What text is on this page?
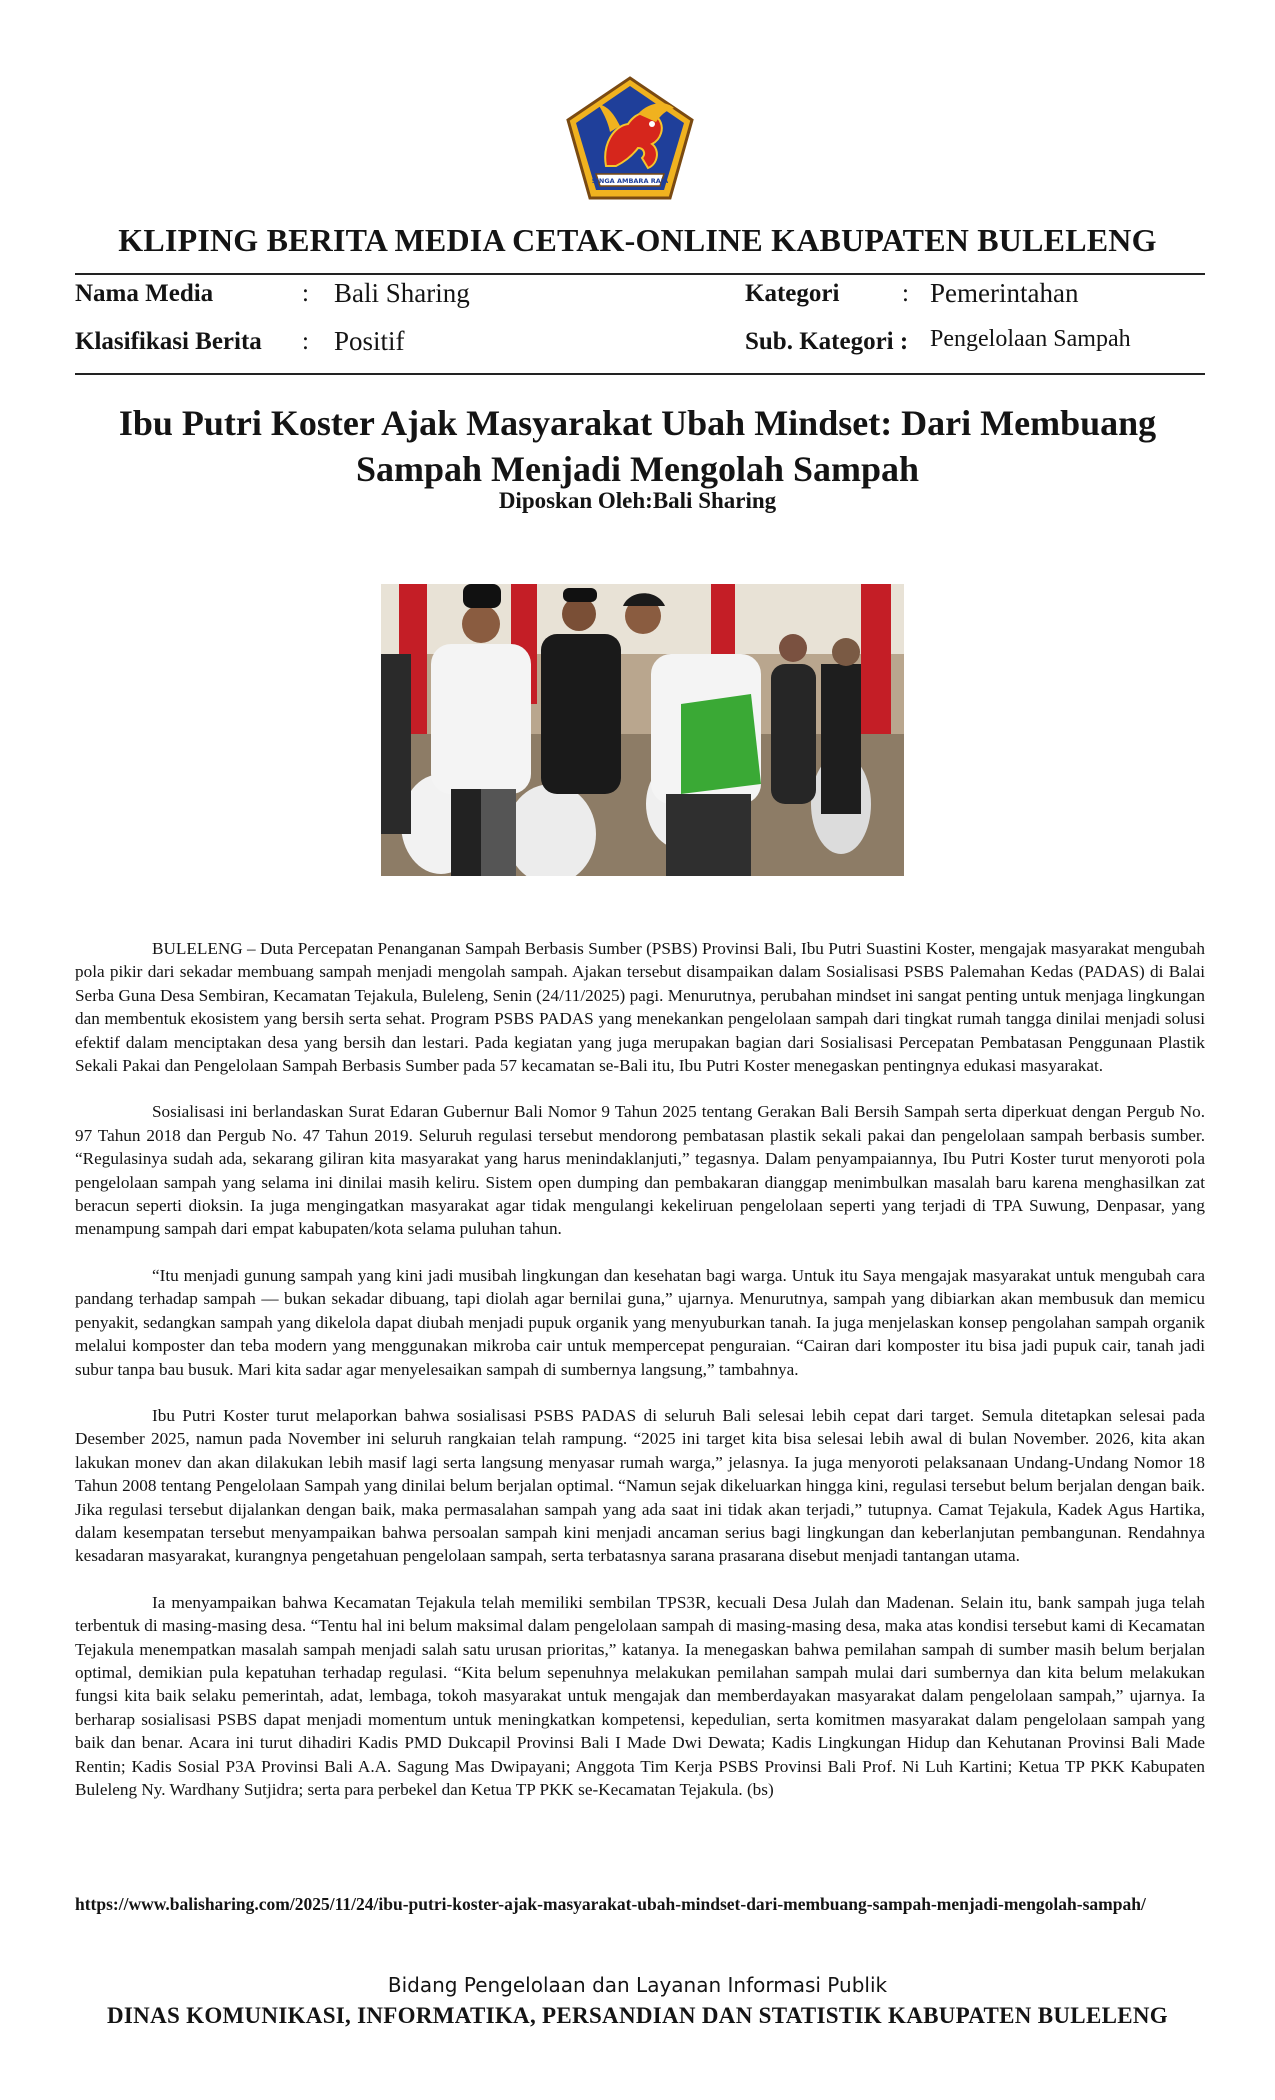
SINGA AMBARA RAJA
KLIPING BERITA MEDIA CETAK-ONLINE KABUPATEN BULELENG
Nama Media	: Bali Sharing
Klasifikasi Berita : Positif
Kategori	: Pemerintahan
Sub. Kategori : Pengelolaan Sampah
Ibu Putri Koster Ajak Masyarakat Ubah Mindset: Dari Membuang Sampah Menjadi Mengolah Sampah
Diposkan Oleh:Bali Sharing

BULELENG – Duta Percepatan Penanganan Sampah Berbasis Sumber (PSBS) Provinsi Bali, Ibu Putri Suastini Koster, mengajak masyarakat mengubah pola pikir dari sekadar membuang sampah menjadi mengolah sampah. Ajakan tersebut disampaikan dalam Sosialisasi PSBS Palemahan Kedas (PADAS) di Balai Serba Guna Desa Sembiran, Kecamatan Tejakula, Buleleng, Senin (24/11/2025) pagi. Menurutnya, perubahan mindset ini sangat penting untuk menjaga lingkungan dan membentuk ekosistem yang bersih serta sehat. Program PSBS PADAS yang menekankan pengelolaan sampah dari tingkat rumah tangga dinilai menjadi solusi efektif dalam menciptakan desa yang bersih dan lestari. Pada kegiatan yang juga merupakan bagian dari Sosialisasi Percepatan Pembatasan Penggunaan Plastik Sekali Pakai dan Pengelolaan Sampah Berbasis Sumber pada 57 kecamatan se-Bali itu, Ibu Putri Koster menegaskan pentingnya edukasi masyarakat.

Sosialisasi ini berlandaskan Surat Edaran Gubernur Bali Nomor 9 Tahun 2025 tentang Gerakan Bali Bersih Sampah serta diperkuat dengan Pergub No. 97 Tahun 2018 dan Pergub No. 47 Tahun 2019. Seluruh regulasi tersebut mendorong pembatasan plastik sekali pakai dan pengelolaan sampah berbasis sumber. “Regulasinya sudah ada, sekarang giliran kita masyarakat yang harus menindaklanjuti,” tegasnya. Dalam penyampaiannya, Ibu Putri Koster turut menyoroti pola pengelolaan sampah yang selama ini dinilai masih keliru. Sistem open dumping dan pembakaran dianggap menimbulkan masalah baru karena menghasilkan zat beracun seperti dioksin. Ia juga mengingatkan masyarakat agar tidak mengulangi kekeliruan pengelolaan seperti yang terjadi di TPA Suwung, Denpasar, yang menampung sampah dari empat kabupaten/kota selama puluhan tahun.

“Itu menjadi gunung sampah yang kini jadi musibah lingkungan dan kesehatan bagi warga. Untuk itu Saya mengajak masyarakat untuk mengubah cara pandang terhadap sampah — bukan sekadar dibuang, tapi diolah agar bernilai guna,” ujarnya. Menurutnya, sampah yang dibiarkan akan membusuk dan memicu penyakit, sedangkan sampah yang dikelola dapat diubah menjadi pupuk organik yang menyuburkan tanah. Ia juga menjelaskan konsep pengolahan sampah organik melalui komposter dan teba modern yang menggunakan mikroba cair untuk mempercepat penguraian. “Cairan dari komposter itu bisa jadi pupuk cair, tanah jadi subur tanpa bau busuk. Mari kita sadar agar menyelesaikan sampah di sumbernya langsung,” tambahnya.

Ibu Putri Koster turut melaporkan bahwa sosialisasi PSBS PADAS di seluruh Bali selesai lebih cepat dari target. Semula ditetapkan selesai pada Desember 2025, namun pada November ini seluruh rangkaian telah rampung. “2025 ini target kita bisa selesai lebih awal di bulan November. 2026, kita akan lakukan monev dan akan dilakukan lebih masif lagi serta langsung menyasar rumah warga,” jelasnya. Ia juga menyoroti pelaksanaan Undang-Undang Nomor 18 Tahun 2008 tentang Pengelolaan Sampah yang dinilai belum berjalan optimal. “Namun sejak dikeluarkan hingga kini, regulasi tersebut belum berjalan dengan baik. Jika regulasi tersebut dijalankan dengan baik, maka permasalahan sampah yang ada saat ini tidak akan terjadi,” tutupnya. Camat Tejakula, Kadek Agus Hartika, dalam kesempatan tersebut menyampaikan bahwa persoalan sampah kini menjadi ancaman serius bagi lingkungan dan keberlanjutan pembangunan. Rendahnya kesadaran masyarakat, kurangnya pengetahuan pengelolaan sampah, serta terbatasnya sarana prasarana disebut menjadi tantangan utama.

Ia menyampaikan bahwa Kecamatan Tejakula telah memiliki sembilan TPS3R, kecuali Desa Julah dan Madenan. Selain itu, bank sampah juga telah terbentuk di masing-masing desa. “Tentu hal ini belum maksimal dalam pengelolaan sampah di masing-masing desa, maka atas kondisi tersebut kami di Kecamatan Tejakula menempatkan masalah sampah menjadi salah satu urusan prioritas,” katanya. Ia menegaskan bahwa pemilahan sampah di sumber masih belum berjalan optimal, demikian pula kepatuhan terhadap regulasi. “Kita belum sepenuhnya melakukan pemilahan sampah mulai dari sumbernya dan kita belum melakukan fungsi kita baik selaku pemerintah, adat, lembaga, tokoh masyarakat untuk mengajak dan memberdayakan masyarakat dalam pengelolaan sampah,” ujarnya. Ia berharap sosialisasi PSBS dapat menjadi momentum untuk meningkatkan kompetensi, kepedulian, serta komitmen masyarakat dalam pengelolaan sampah yang baik dan benar. Acara ini turut dihadiri Kadis PMD Dukcapil Provinsi Bali I Made Dwi Dewata; Kadis Lingkungan Hidup dan Kehutanan Provinsi Bali Made Rentin; Kadis Sosial P3A Provinsi Bali A.A. Sagung Mas Dwipayani; Anggota Tim Kerja PSBS Provinsi Bali Prof. Ni Luh Kartini; Ketua TP PKK Kabupaten Buleleng Ny. Wardhany Sutjidra; serta para perbekel dan Ketua TP PKK se-Kecamatan Tejakula. (bs)

https://www.balisharing.com/2025/11/24/ibu-putri-koster-ajak-masyarakat-ubah-mindset-dari-membuang-sampah-menjadi-mengolah-sampah/
Bidang Pengelolaan dan Layanan Informasi Publik
DINAS KOMUNIKASI, INFORMATIKA, PERSANDIAN DAN STATISTIK KABUPATEN BULELENG
